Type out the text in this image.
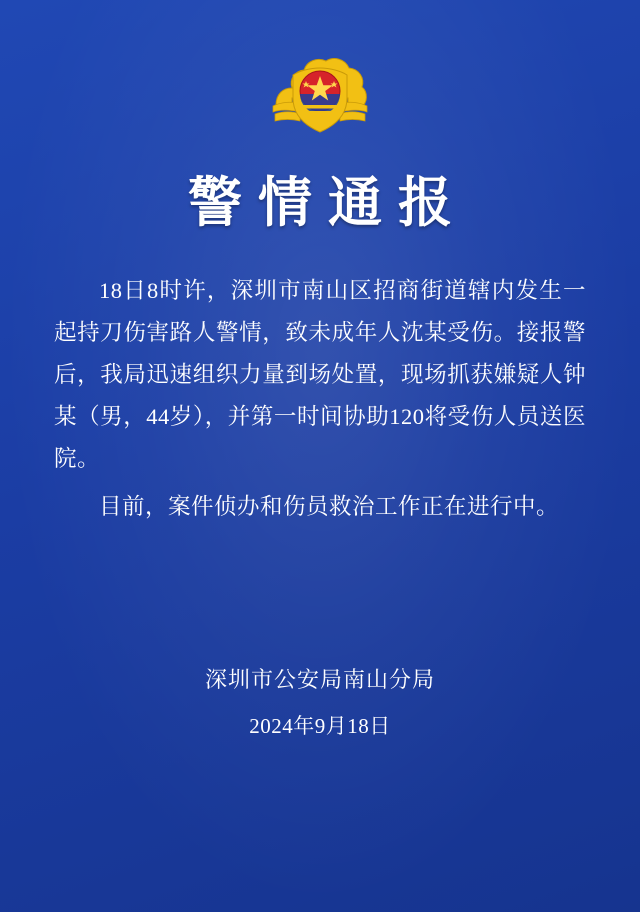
警情通报

18日8时许，深圳市南山区招商街道辖内发生一起持刀伤害路人警情，致未成年人沈某受伤。接报警后，我局迅速组织力量到场处置，现场抓获嫌疑人钟某（男，44岁），并第一时间协助120将受伤人员送医院。

目前，案件侦办和伤员救治工作正在进行中。

深圳市公安局南山分局
2024年9月18日
